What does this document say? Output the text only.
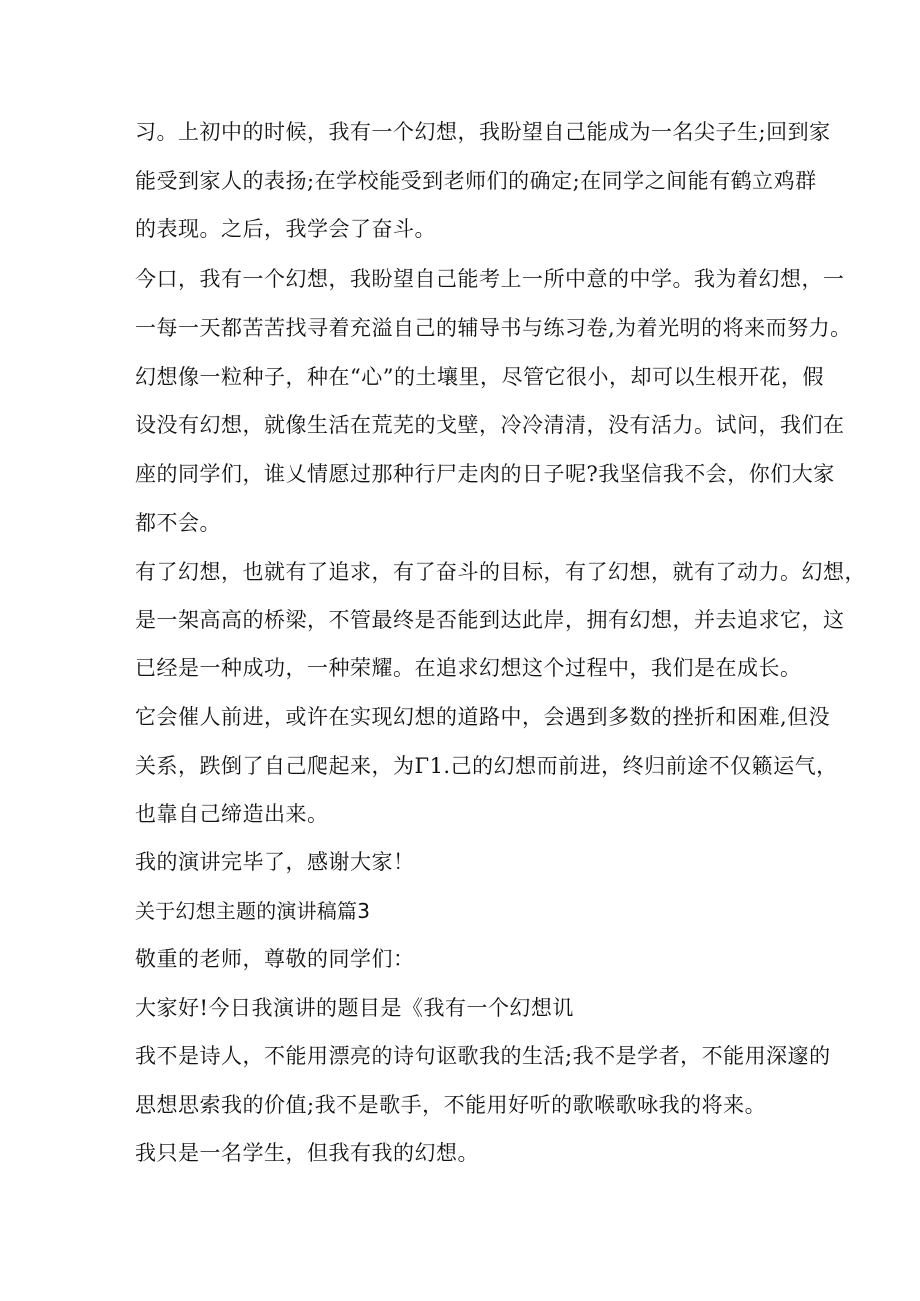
习。上初中的时候，我有一个幻想，我盼望自己能成为一名尖子生;回到家
能受到家人的表扬;在学校能受到老师们的确定;在同学之间能有鹤立鸡群
的表现。之后，我学会了奋斗。
今口，我有一个幻想，我盼望自己能考上一所中意的中学。我为着幻想，一
一每一天都苦苦找寻着充溢自己的辅导书与练习卷,为着光明的将来而努力。
幻想像一粒种子，种在“心”的土壤里，尽管它很小，却可以生根开花，假
设没有幻想，就像生活在荒芜的戈壁，冷冷清清，没有活力。试问，我们在
座的同学们，谁乂情愿过那种行尸走肉的日子呢?我坚信我不会，你们大家
都不会。
有了幻想，也就有了追求，有了奋斗的目标，有了幻想，就有了动力。幻想，
是一架高高的桥梁，不管最终是否能到达此岸，拥有幻想，并去追求它，这
已经是一种成功，一种荣耀。在追求幻想这个过程中，我们是在成长。
它会催人前进，或许在实现幻想的道路中，会遇到多数的挫折和困难,但没
关系，跌倒了自己爬起来，为Γ1.己的幻想而前进，终归前途不仅籁运气，
也靠自己缔造出来。
我的演讲完毕了，感谢大家！
关于幻想主题的演讲稿篇3
敬重的老师，尊敬的同学们：
大家好!今日我演讲的题目是《我有一个幻想讥
我不是诗人，不能用漂亮的诗句讴歌我的生活;我不是学者，不能用深邃的
思想思索我的价值;我不是歌手，不能用好听的歌喉歌咏我的将来。
我只是一名学生，但我有我的幻想。
